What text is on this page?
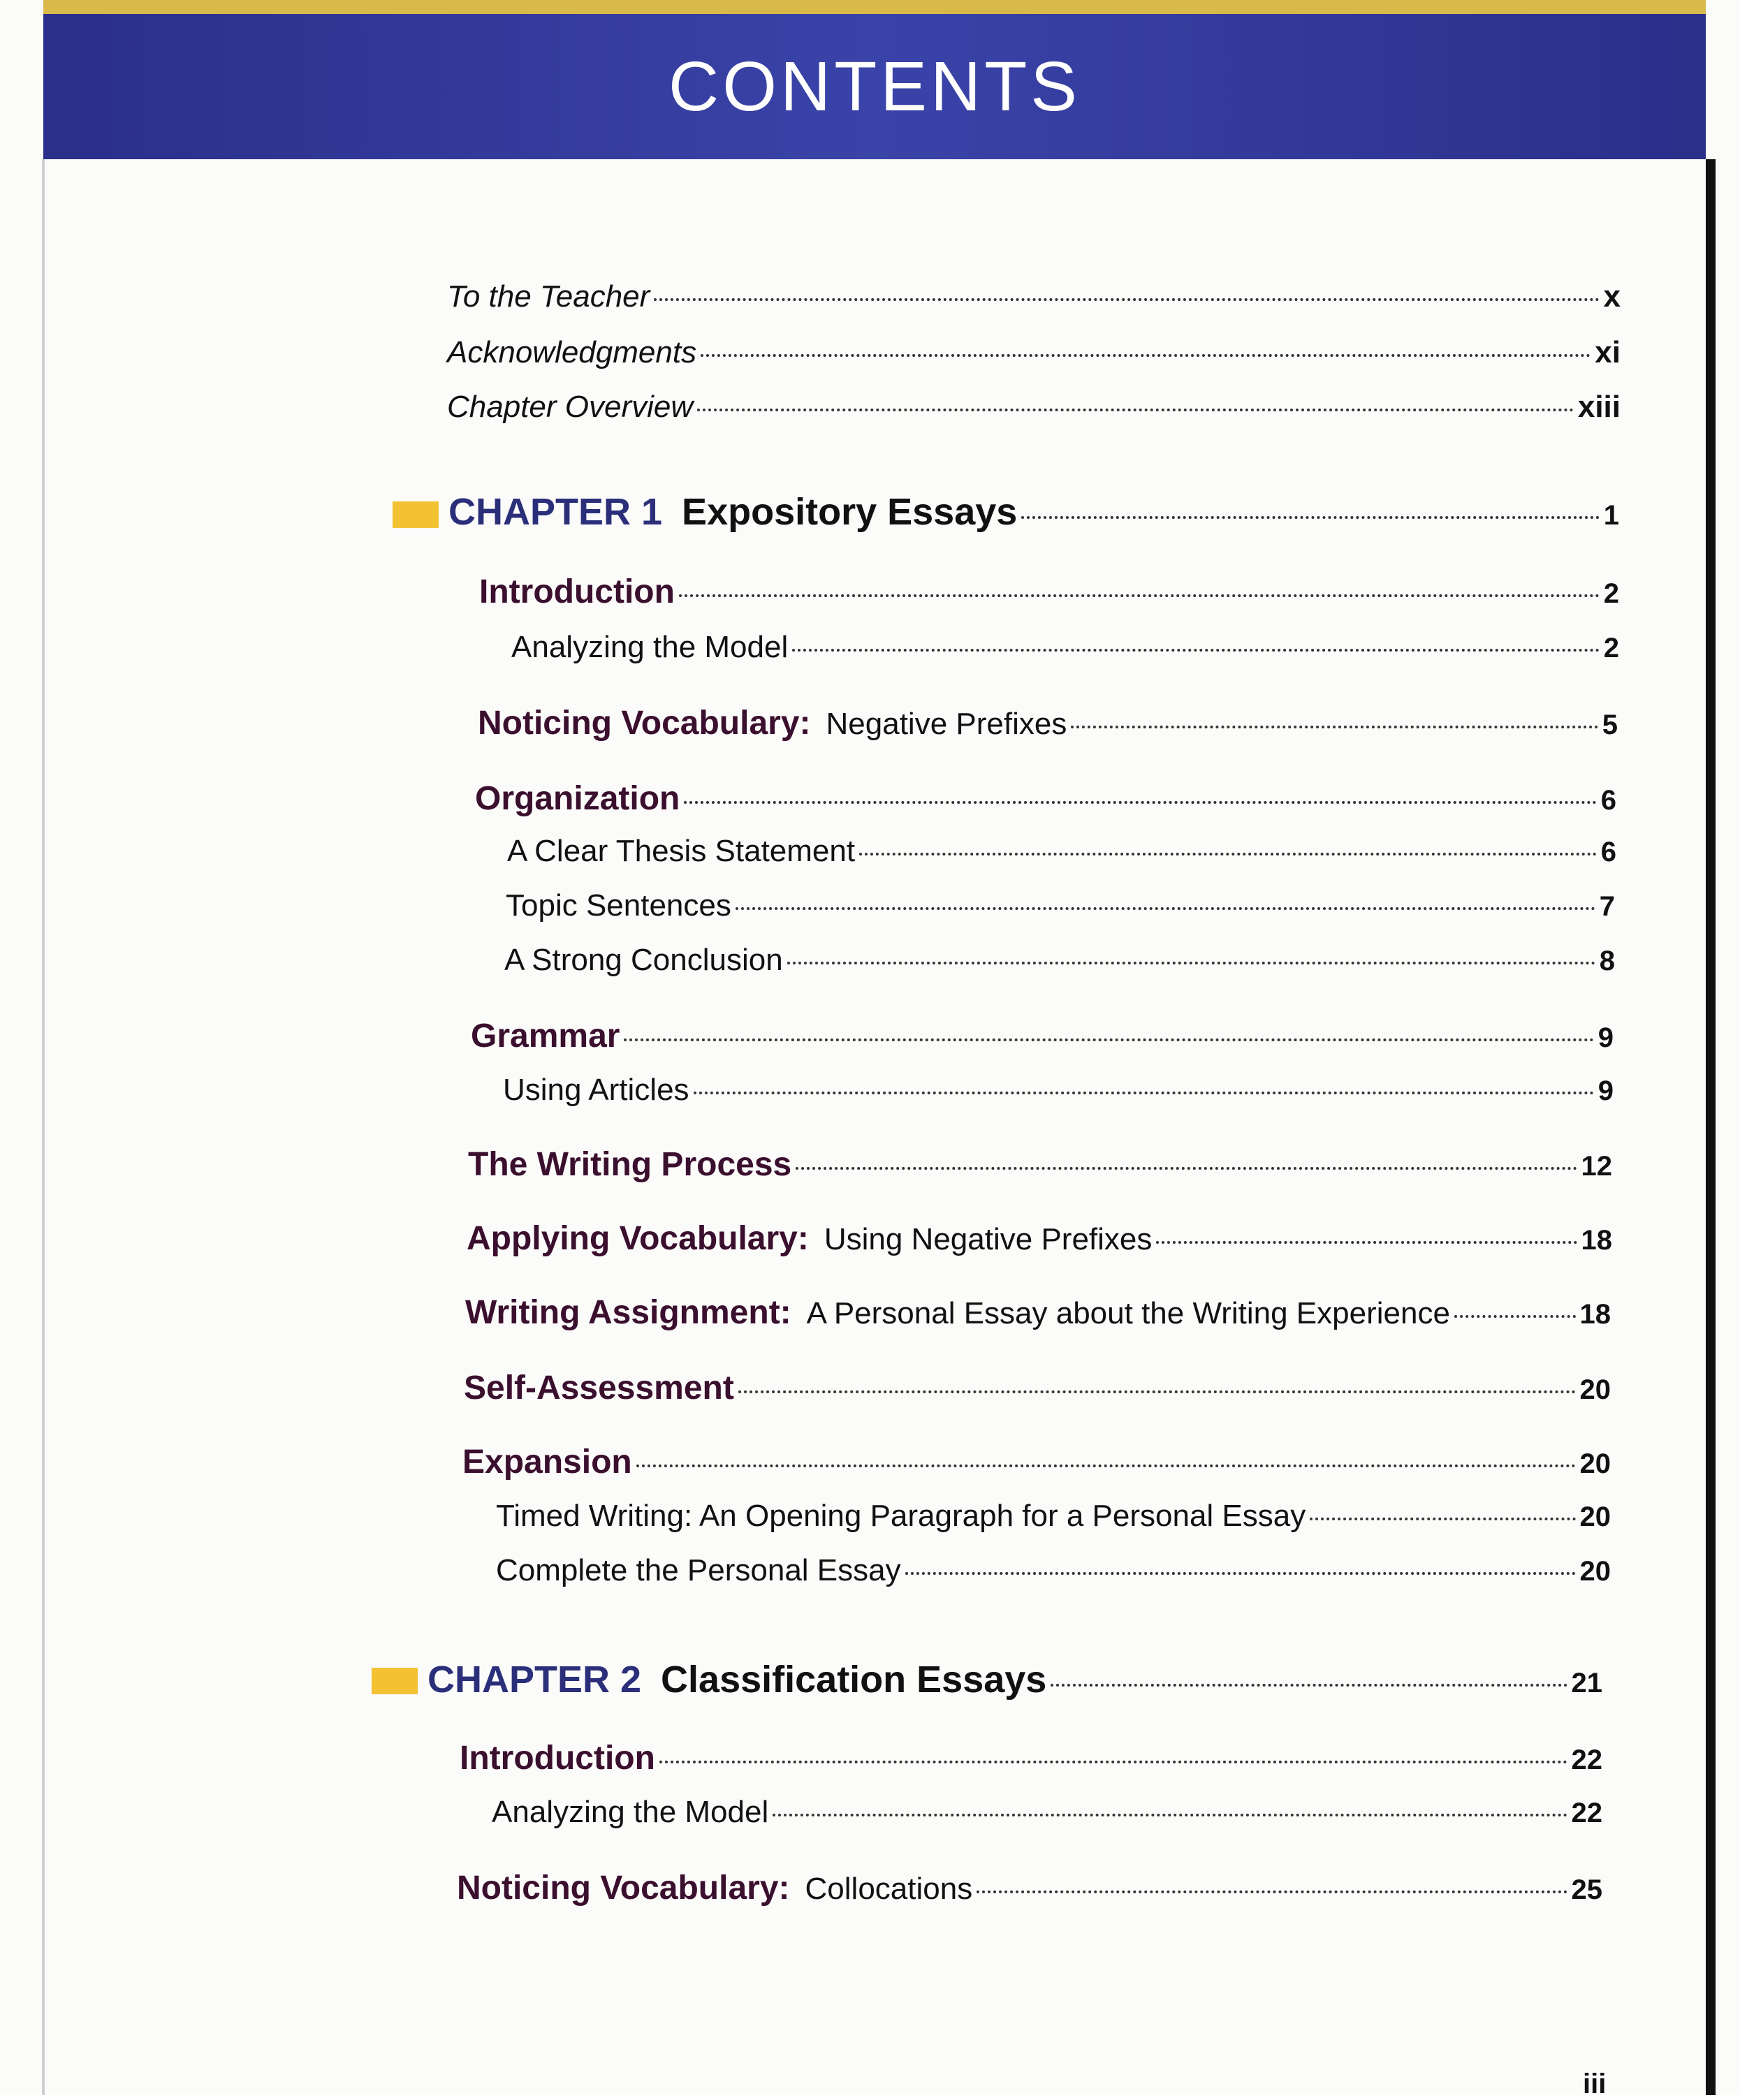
CONTENTS
To the Teacher	x
Acknowledgments	xi
Chapter Overview	xiii
CHAPTER 1 Expository Essays	1
Introduction	2
Analyzing the Model	2
Noticing Vocabulary: Negative Prefixes	5
Organization	6
A Clear Thesis Statement	6
Topic Sentences	7
A Strong Conclusion	8
Grammar	9
Using Articles	9
The Writing Process	12
Applying Vocabulary: Using Negative Prefixes	18
Writing Assignment: A Personal Essay about the Writing Experience	18
Self-Assessment	20
Expansion	20
Timed Writing: An Opening Paragraph for a Personal Essay	20
Complete the Personal Essay	20
CHAPTER 2 Classification Essays	21
Introduction	22
Analyzing the Model	22
Noticing Vocabulary: Collocations	25
iii
